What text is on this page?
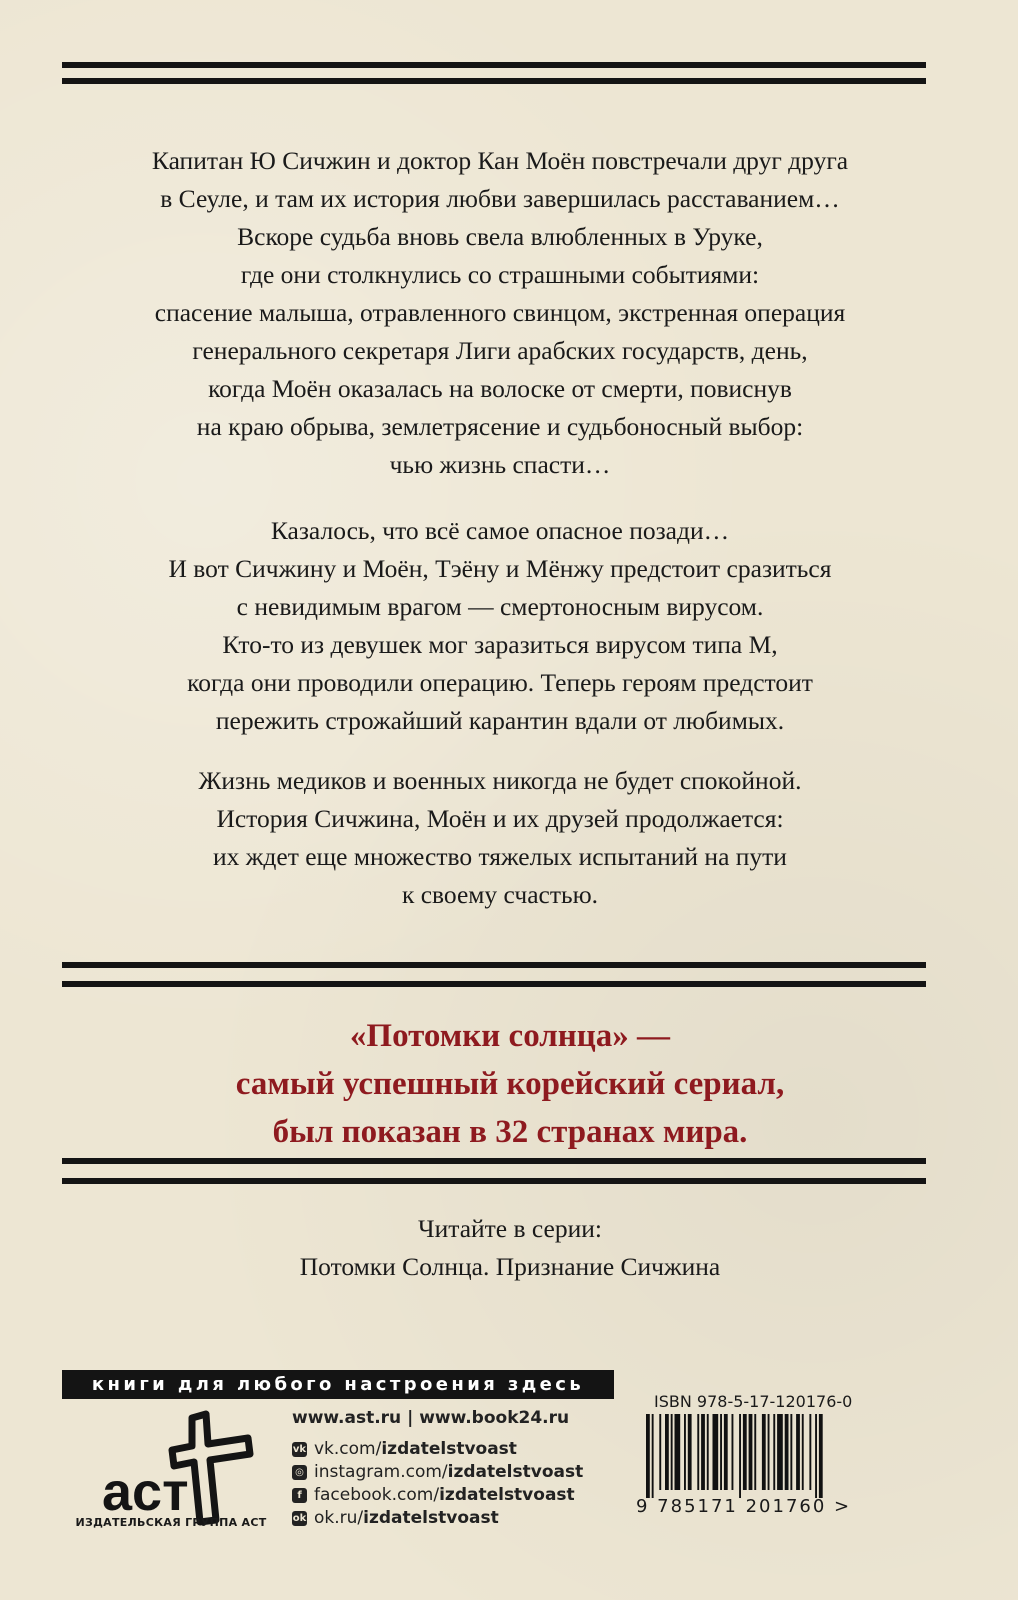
Капитан Ю Сичжин и доктор Кан Моён повстречали друг друга
в Сеуле, и там их история любви завершилась расставанием…
Вскоре судьба вновь свела влюбленных в Уруке,
где они столкнулись со страшными событиями:
спасение малыша, отравленного свинцом, экстренная операция
генерального секретаря Лиги арабских государств, день,
когда Моён оказалась на волоске от смерти, повиснув
на краю обрыва, землетрясение и судьбоносный выбор:
чью жизнь спасти…

Казалось, что всё самое опасное позади…
И вот Сичжину и Моён, Тэёну и Мёнжу предстоит сразиться
с невидимым врагом — смертоносным вирусом.
Кто-то из девушек мог заразиться вирусом типа М,
когда они проводили операцию. Теперь героям предстоит
пережить строжайший карантин вдали от любимых.

Жизнь медиков и военных никогда не будет спокойной.
История Сичжина, Моён и их друзей продолжается:
их ждет еще множество тяжелых испытаний на пути
к своему счастью.

«Потомки солнца» —
самый успешный корейский сериал,
был показан в 32 странах мира.
Читайте в серии:
Потомки Солнца. Признание Сичжина
книги для любого настроения здесь
аст
ИЗДАТЕЛЬСКАЯ ГРУППА АСТ
www.ast.ru | www.book24.ru
vk vk.com/ izdatelstvoast
◎ instagram.com/ izdatelstvoast
f facebook.com/ izdatelstvoast
ok ok.ru/ izdatelstvoast
ISBN 978-5-17-120176-0
9 785171 201760 >
